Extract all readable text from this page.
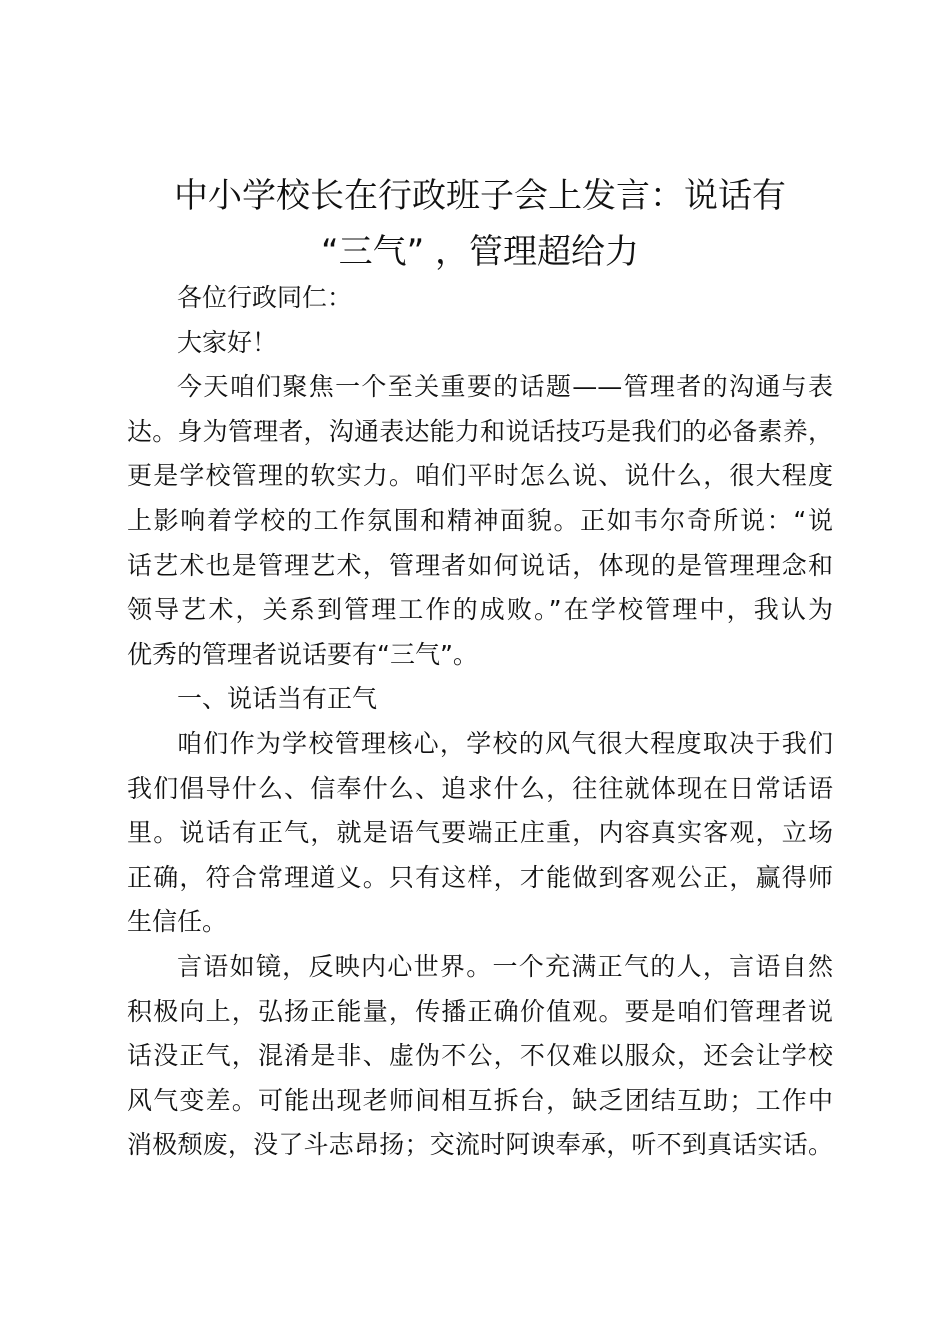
中小学校长在行政班子会上发言：说话有
“三气” ，管理超给力
各位行政同仁：
大家好！
今天咱们聚焦一个至关重要的话题——管理者的沟通与表
达。身为管理者，沟通表达能力和说话技巧是我们的必备素养，
更是学校管理的软实力。咱们平时怎么说、说什么，很大程度
上影响着学校的工作氛围和精神面貌。正如韦尔奇所说：“说
话艺术也是管理艺术，管理者如何说话，体现的是管理理念和
领导艺术，关系到管理工作的成败。”在学校管理中，我认为
优秀的管理者说话要有“三气”。
一、说话当有正气
咱们作为学校管理核心，学校的风气很大程度取决于我们
我们倡导什么、信奉什么、追求什么，往往就体现在日常话语
里。说话有正气，就是语气要端正庄重，内容真实客观，立场
正确，符合常理道义。只有这样，才能做到客观公正，赢得师
生信任。
言语如镜，反映内心世界。一个充满正气的人，言语自然
积极向上，弘扬正能量，传播正确价值观。要是咱们管理者说
话没正气，混淆是非、虚伪不公，不仅难以服众，还会让学校
风气变差。可能出现老师间相互拆台，缺乏团结互助；工作中
消极颓废，没了斗志昂扬；交流时阿谀奉承，听不到真话实话。
